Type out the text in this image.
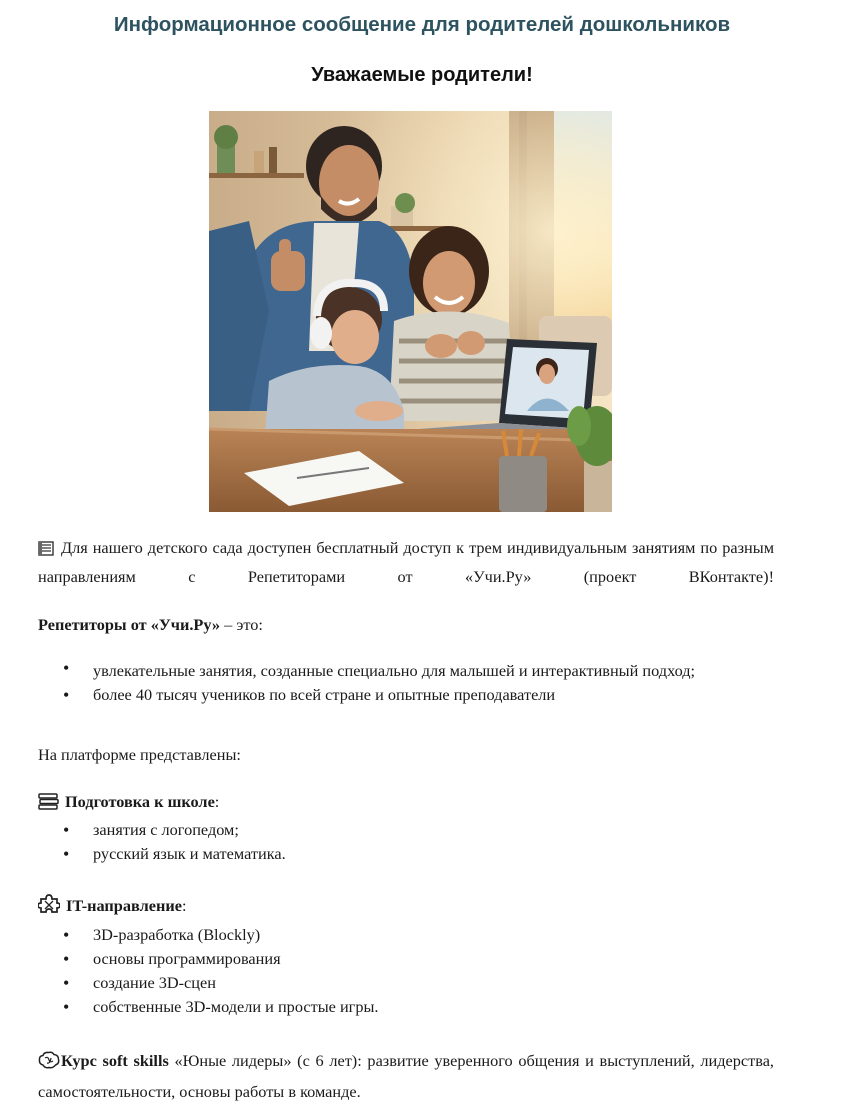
Информационное сообщение для родителей дошкольников
Уважаемые родители!

Для нашего детского сада доступен бесплатный доступ к трем индивидуальным занятиям по разным направлениям с Репетиторами от «Учи.Ру» (проект ВКонтакте)!

Репетиторы от «Учи.Ру» – это:

• увлекательные занятия, созданные специально для малышей и интерактивный подход;
• более 40 тысяч учеников по всей стране и опытные преподаватели

На платформе представлены:

Подготовка к школе:

• занятия с логопедом;
• русский язык и математика.

IT-направление:

• 3D-разработка (Blockly)
• основы программирования
• создание 3D-сцен
• собственные 3D-модели и простые игры.

Курс soft skills «Юные лидеры» (с 6 лет): развитие уверенного общения и выступлений, лидерства, самостоятельности, основы работы в команде.
